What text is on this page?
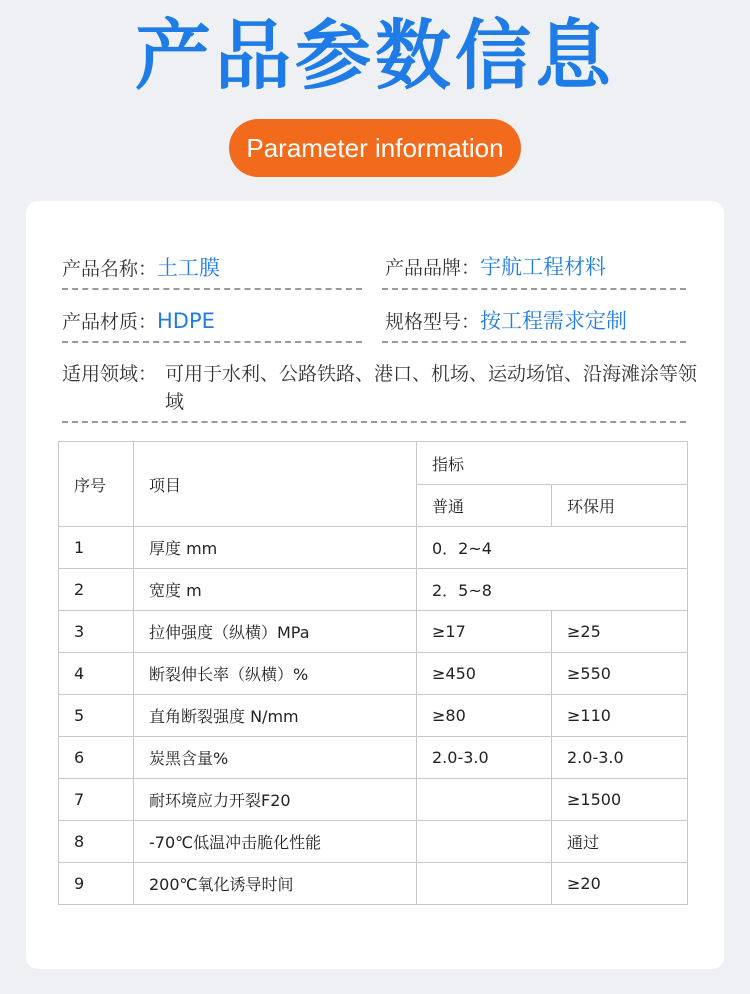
产品参数信息
Parameter information
产品名称：土工膜	产品品牌：宇航工程材料
产品材质：HDPE	规格型号：按工程需求定制
适用领域： 可用于水利、公路铁路、港口、机场、运动场馆、沿海滩涂等领域
序号	项目	指标	
		普通	环保用
1	厚度 mm	0．2~4	
2	宽度 m	2．5~8	
3	拉伸强度（纵横）MPa	≥17	≥25
4	断裂伸长率（纵横）%	≥450	≥550
5	直角断裂强度 N/mm	≥80	≥110
6	炭黑含量%	2.0-3.0	2.0-3.0
7	耐环境应力开裂F20		≥1500
8	-70℃低温冲击脆化性能		通过
9	200℃氧化诱导时间		≥20
